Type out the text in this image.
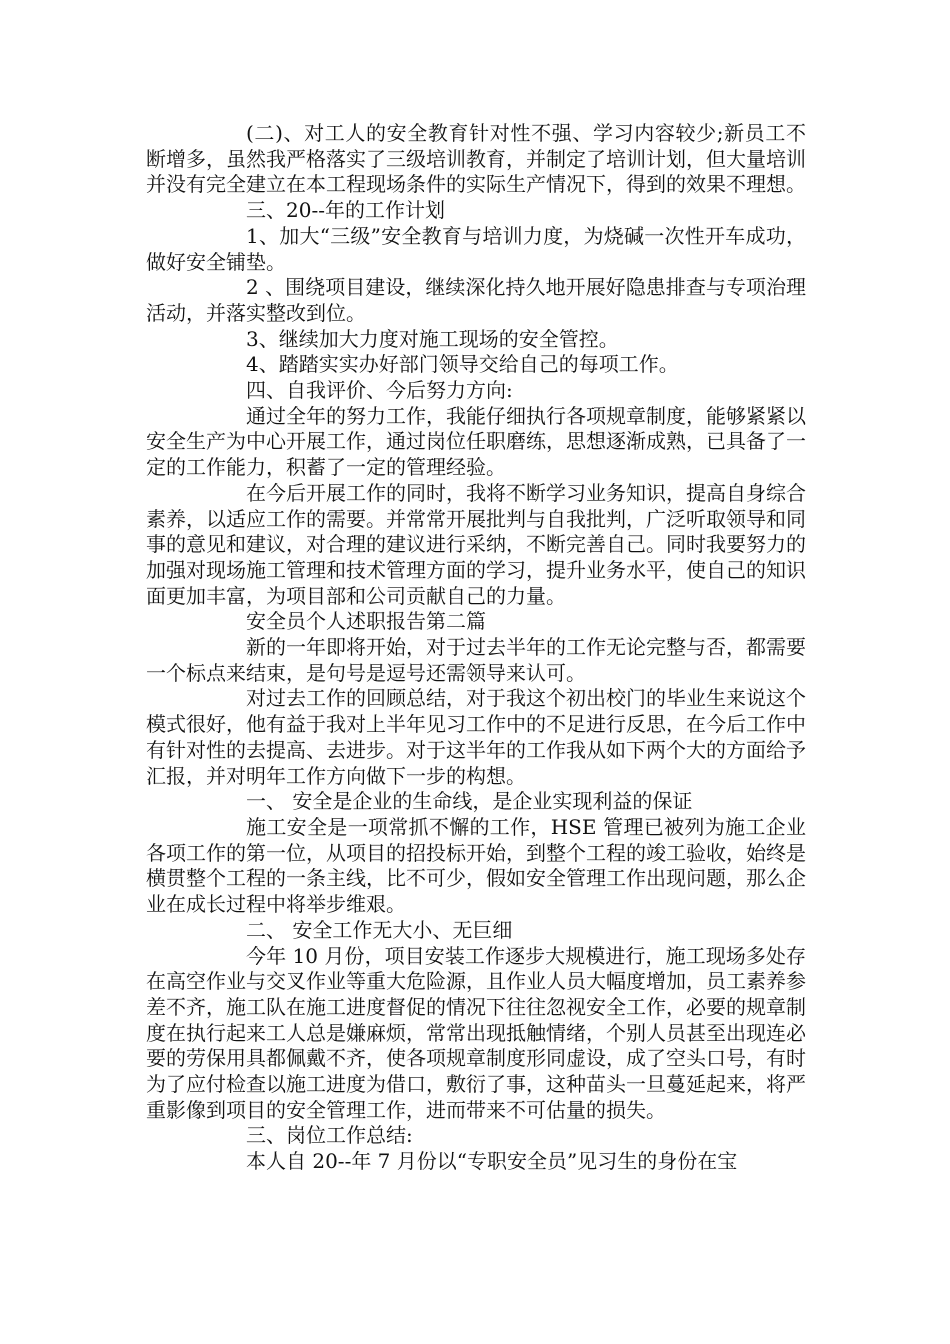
(二)、对工人的安全教育针对性不强、学习内容较少;新员工不断增多，虽然我严格落实了三级培训教育，并制定了培训计划，但大量培训并没有完全建立在本工程现场条件的实际生产情况下，得到的效果不理想。

三、20--年的工作计划

1、加大“三级”安全教育与培训力度，为烧碱一次性开车成功，做好安全铺垫。

2 、围绕项目建设，继续深化持久地开展好隐患排查与专项治理活动，并落实整改到位。

3、继续加大力度对施工现场的安全管控。

4、踏踏实实办好部门领导交给自己的每项工作。

四、自我评价、今后努力方向:

通过全年的努力工作，我能仔细执行各项规章制度，能够紧紧以安全生产为中心开展工作，通过岗位任职磨练，思想逐渐成熟，已具备了一定的工作能力，积蓄了一定的管理经验。

在今后开展工作的同时，我将不断学习业务知识，提高自身综合素养，以适应工作的需要。并常常开展批判与自我批判，广泛听取领导和同事的意见和建议，对合理的建议进行采纳，不断完善自己。同时我要努力的加强对现场施工管理和技术管理方面的学习，提升业务水平，使自己的知识面更加丰富，为项目部和公司贡献自己的力量。

安全员个人述职报告第二篇

新的一年即将开始，对于过去半年的工作无论完整与否，都需要一个标点来结束，是句号是逗号还需领导来认可。

对过去工作的回顾总结，对于我这个初出校门的毕业生来说这个模式很好，他有益于我对上半年见习工作中的不足进行反思，在今后工作中有针对性的去提高、去进步。对于这半年的工作我从如下两个大的方面给予汇报，并对明年工作方向做下一步的构想。

一、 安全是企业的生命线，是企业实现利益的保证

施工安全是一项常抓不懈的工作，HSE 管理已被列为施工企业各项工作的第一位，从项目的招投标开始，到整个工程的竣工验收，始终是横贯整个工程的一条主线，比不可少，假如安全管理工作出现问题，那么企业在成长过程中将举步维艰。

二、 安全工作无大小、无巨细

今年 10 月份，项目安装工作逐步大规模进行，施工现场多处存在高空作业与交叉作业等重大危险源，且作业人员大幅度增加，员工素养参差不齐，施工队在施工进度督促的情况下往往忽视安全工作，必要的规章制度在执行起来工人总是嫌麻烦，常常出现抵触情绪，个别人员甚至出现连必要的劳保用具都佩戴不齐，使各项规章制度形同虚设，成了空头口号，有时为了应付检查以施工进度为借口，敷衍了事，这种苗头一旦蔓延起来，将严重影像到项目的安全管理工作，进而带来不可估量的损失。

三、岗位工作总结:

本人自 20--年 7 月份以“专职安全员”见习生的身份在宝
